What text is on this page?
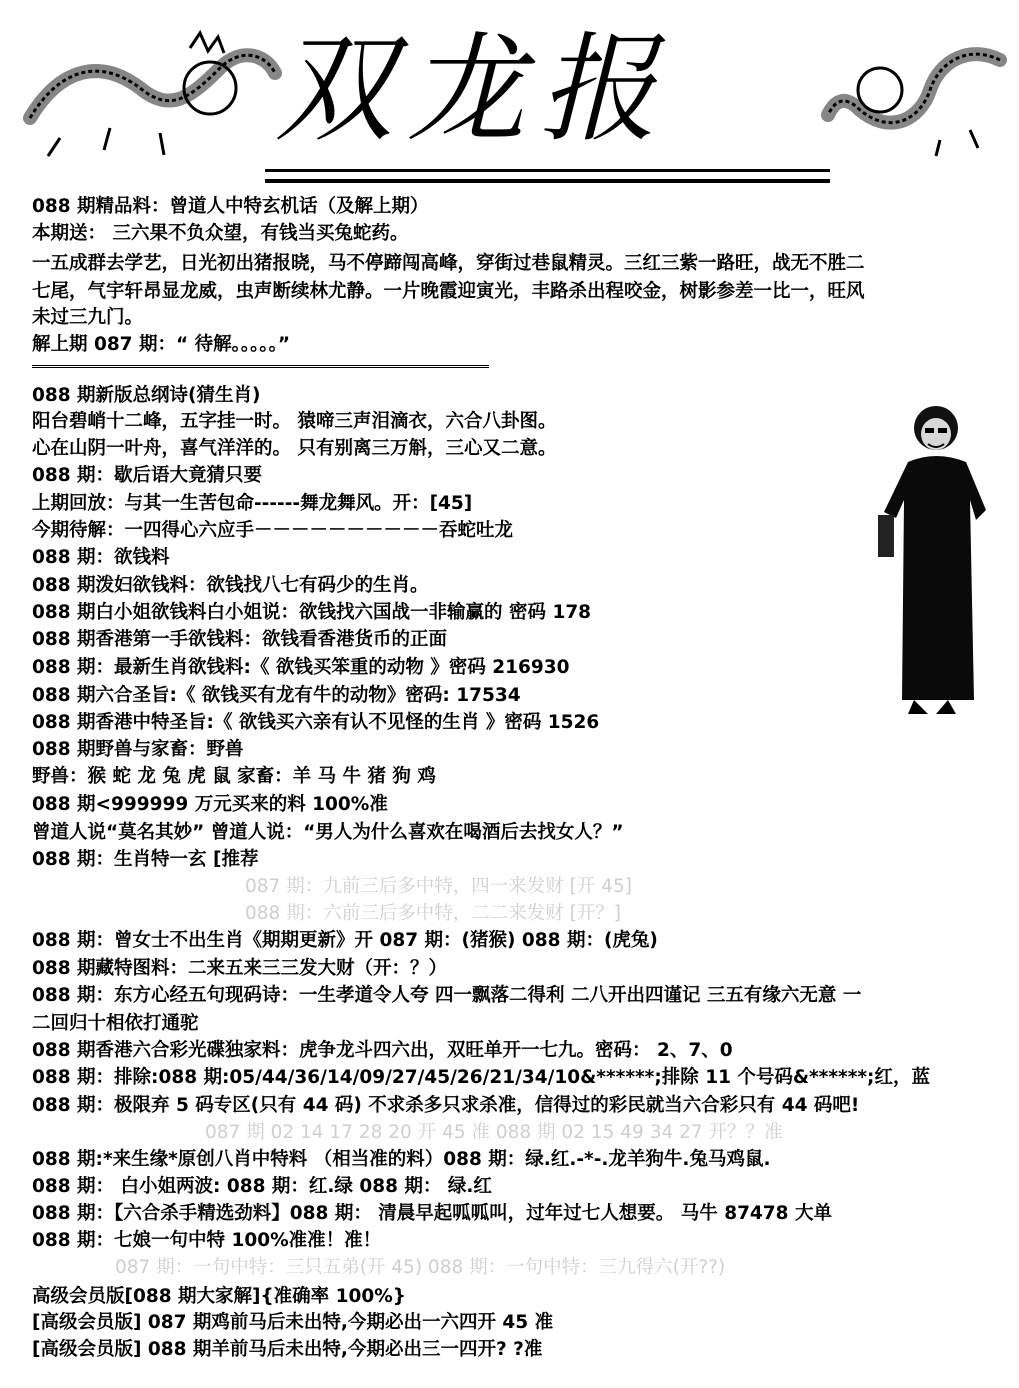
双龙报
088 期精品料：曾道人中特玄机话（及解上期）
本期送： 三六果不负众望，有钱当买兔蛇药。
一五成群去学艺，日光初出猪报晓，马不停蹄闯高峰，穿街过巷鼠精灵。三红三紫一路旺，战无不胜二
七尾，气宇轩昂显龙威，虫声断续林尤静。一片晚霞迎寅光，丰路杀出程咬金，树影参差一比一，旺风
未过三九门。
解上期 087 期：“ 待解。。。。。”
088 期新版总纲诗(猜生肖)
阳台碧峭十二峰，五字挂一时。 猿啼三声泪滴衣，六合八卦图。
心在山阴一叶舟，喜气洋洋的。 只有别离三万斛，三心又二意。
088 期：歇后语大竟猜只要
上期回放：与其一生苦包命------舞龙舞风。开：[45]
今期待解：一四得心六应手－－－－－－－－－－吞蛇吐龙
088 期：欲钱料
088 期泼妇欲钱料：欲钱找八七有码少的生肖。
088 期白小姐欲钱料白小姐说：欲钱找六国战一非输赢的 密码 178
088 期香港第一手欲钱料：欲钱看香港货币的正面
088 期：最新生肖欲钱料:《 欲钱买笨重的动物 》密码 216930
088 期六合圣旨:《 欲钱买有龙有牛的动物》密码: 17534
088 期香港中特圣旨:《 欲钱买六亲有认不见怪的生肖 》密码 1526
088 期野兽与家畜：野兽
野兽：猴 蛇 龙 兔 虎 鼠 家畜：羊 马 牛 猪 狗 鸡
088 期<999999 万元买来的料 100%准
曾道人说“莫名其妙” 曾道人说：“男人为什么喜欢在喝酒后去找女人？”
088 期：生肖特一玄 [推荐
087 期：九前三后多中特，四一来发财 [开 45]
088 期：六前三后多中特，二二来发财 [开？]
088 期：曾女士不出生肖《期期更新》开 087 期：(猪猴) 088 期：(虎兔)
088 期藏特图料：二来五来三三发大财（开：？）
088 期：东方心经五句现码诗：一生孝道令人夸 四一飘落二得利 二八开出四谨记 三五有缘六无意 一
二回归十相依打通驼
088 期香港六合彩光碟独家料：虎争龙斗四六出，双旺单开一七九。密码： 2、7、0
088 期：排除:088 期:05/44/36/14/09/27/45/26/21/34/10&******;排除 11 个号码&******;红，蓝
088 期：极限弃 5 码专区(只有 44 码) 不求杀多只求杀准，信得过的彩民就当六合彩只有 44 码吧!
087 期 02 14 17 28 20 开 45 准 088 期 02 15 49 34 27 开？？准
088 期:*来生缘*原创八肖中特料 （相当准的料）088 期：绿.红.-*-.龙羊狗牛.兔马鸡鼠.
088 期： 白小姐两波: 088 期：红.绿 088 期： 绿.红
088 期：【六合杀手精选劲料】088 期： 清晨早起呱呱叫，过年过七人想要。 马牛 87478 大单
088 期：七娘一句中特 100%准准！准！
087 期：一句中特：三只五弟(开 45) 088 期：一句中特：三九得六(开??)
高级会员版[088 期大家解]{准确率 100%}
[高级会员版] 087 期鸡前马后未出特,今期必出一六四开 45 准
[高级会员版] 088 期羊前马后未出特,今期必出三一四开? ?准
